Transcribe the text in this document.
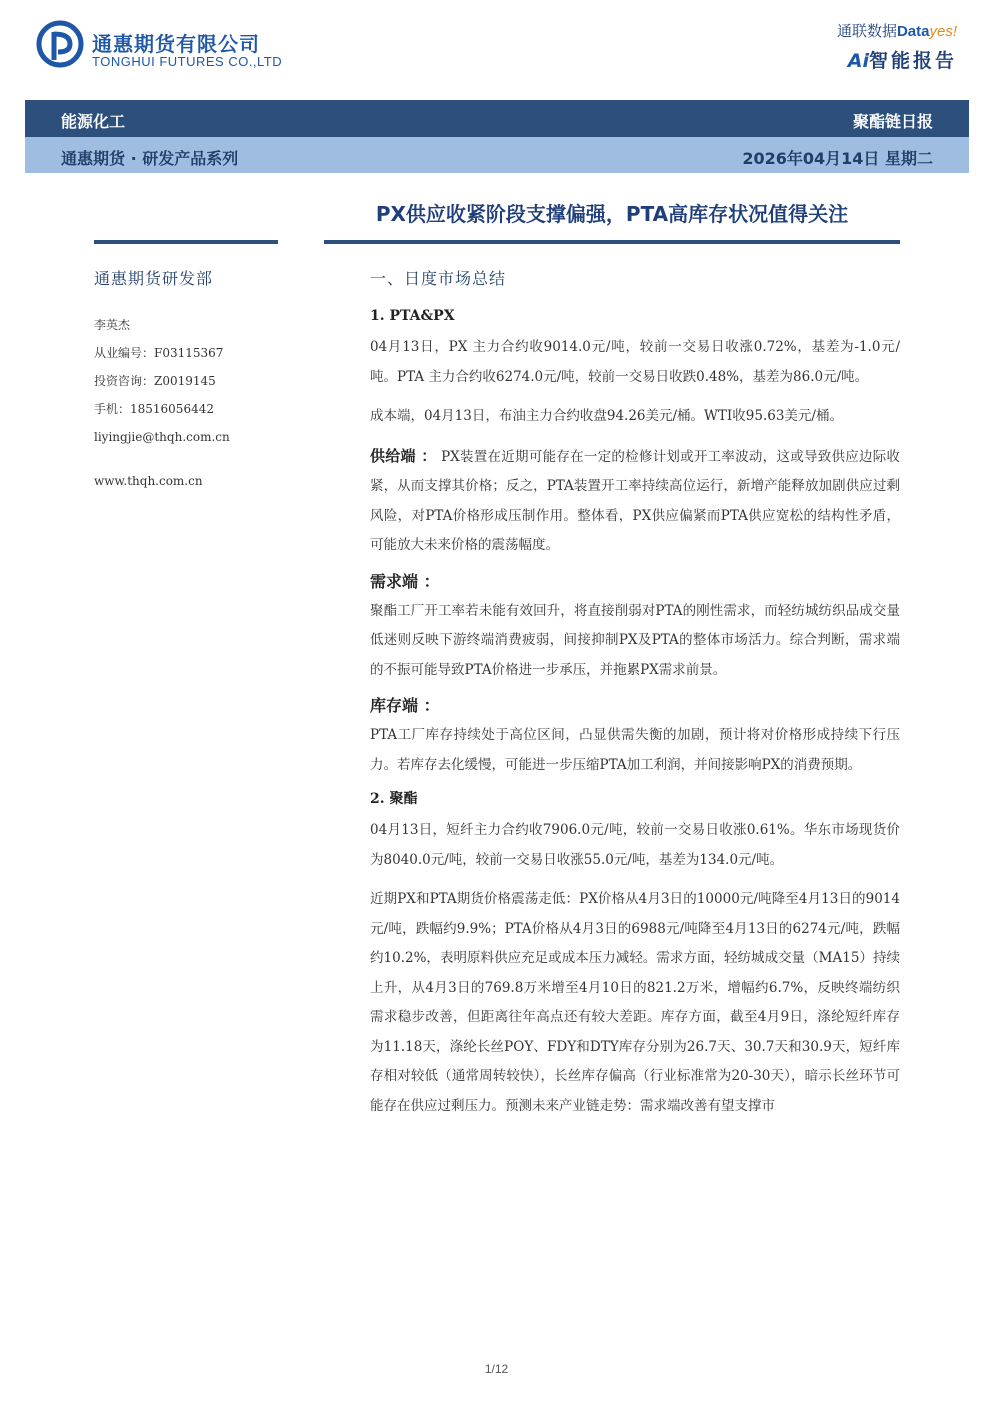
通惠期货有限公司
TONGHUI FUTURES CO.,LTD
通联数据Datayes!
Ai智能报告
能源化工	聚酯链日报
通惠期货 · 研发产品系列	2026年04月14日 星期二
PX供应收紧阶段支撑偏强，PTA高库存状况值得关注
通惠期货研发部
李英杰
从业编号：F03115367
投资咨询：Z0019145
手机：18516056442
liyingjie@thqh.com.cn
www.thqh.com.cn
一、日度市场总结
1. PTA&PX

04月13日，PX 主力合约收9014.0元/吨，较前一交易日收涨0.72%，基差为-1.0元/吨。PTA 主力合约收6274.0元/吨，较前一交易日收跌0.48%，基差为86.0元/吨。

成本端，04月13日，布油主力合约收盘94.26美元/桶。WTI收95.63美元/桶。

供给端 ： PX装置在近期可能存在一定的检修计划或开工率波动，这或导致供应边际收紧，从而支撑其价格；反之，PTA装置开工率持续高位运行，新增产能释放加剧供应过剩风险，对PTA价格形成压制作用。整体看，PX供应偏紧而PTA供应宽松的结构性矛盾，可能放大未来价格的震荡幅度。

需求端 ：

聚酯工厂开工率若未能有效回升，将直接削弱对PTA的刚性需求，而轻纺城纺织品成交量低迷则反映下游终端消费疲弱，间接抑制PX及PTA的整体市场活力。综合判断，需求端的不振可能导致PTA价格进一步承压，并拖累PX需求前景。

库存端 ：

PTA工厂库存持续处于高位区间，凸显供需失衡的加剧，预计将对价格形成持续下行压力。若库存去化缓慢，可能进一步压缩PTA加工利润，并间接影响PX的消费预期。

2. 聚酯

04月13日，短纤主力合约收7906.0元/吨，较前一交易日收涨0.61%。华东市场现货价为8040.0元/吨，较前一交易日收涨55.0元/吨，基差为134.0元/吨。

近期PX和PTA期货价格震荡走低：PX价格从4月3日的10000元/吨降至4月13日的9014元/吨，跌幅约9.9%；PTA价格从4月3日的6988元/吨降至4月13日的6274元/吨，跌幅约10.2%，表明原料供应充足或成本压力减轻。需求方面，轻纺城成交量（MA15）持续上升，从4月3日的769.8万米增至4月10日的821.2万米，增幅约6.7%，反映终端纺织需求稳步改善，但距离往年高点还有较大差距。库存方面，截至4月9日，涤纶短纤库存为11.18天，涤纶长丝POY、FDY和DTY库存分别为26.7天、30.7天和30.9天，短纤库存相对较低（通常周转较快），长丝库存偏高（行业标准常为20-30天），暗示长丝环节可能存在供应过剩压力。预测未来产业链走势：需求端改善有望支撑市

1/12
